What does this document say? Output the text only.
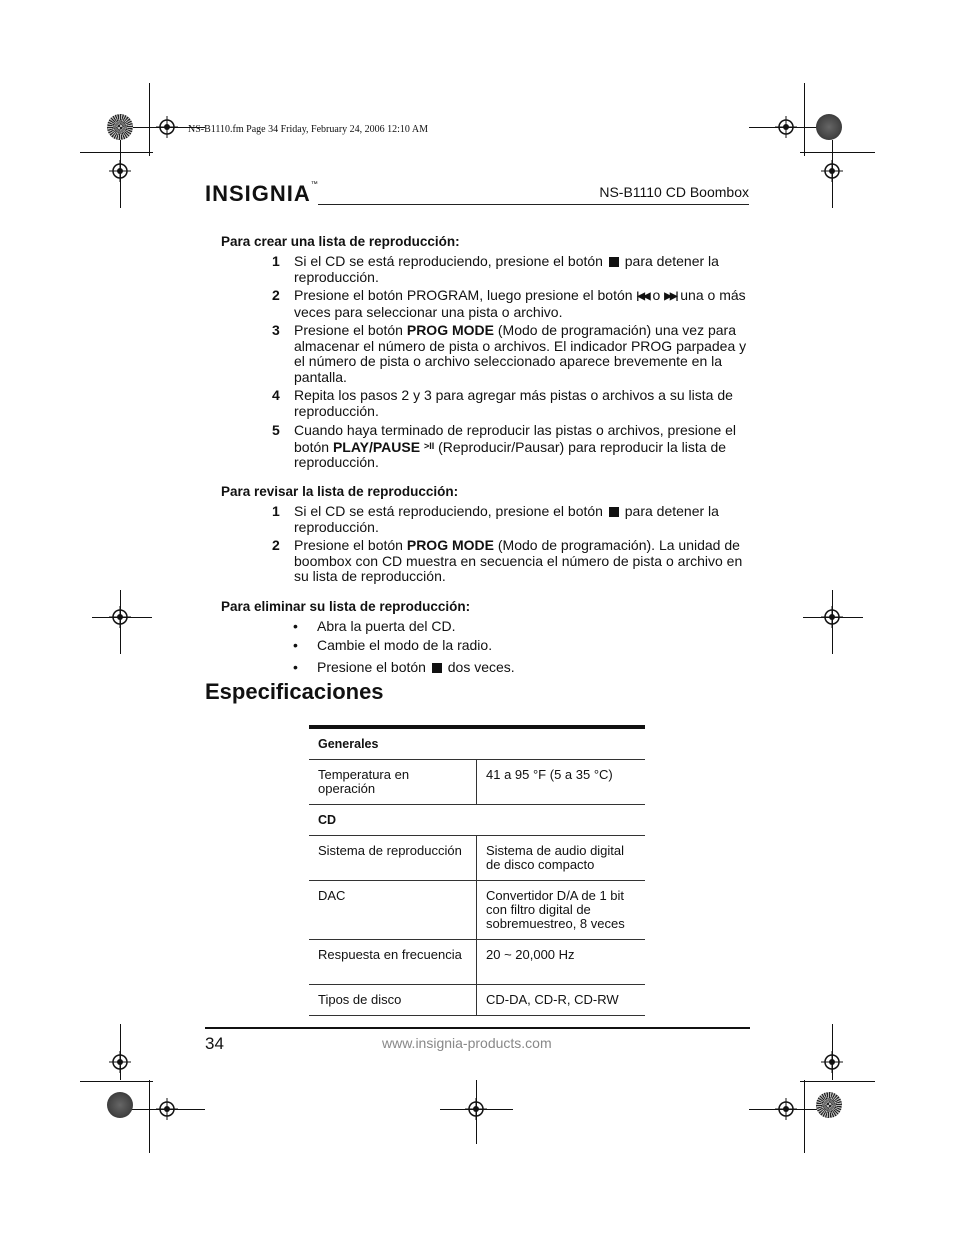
NS-B1110.fm Page 34 Friday, February 24, 2006 12:10 AM
INSIGNIA™	NS-B1110 CD Boombox
Para crear una lista de reproducción:
1 Si el CD se está reproduciendo, presione el botón para detener la reproducción.
2 Presione el botón PROGRAM, luego presione el botón |◀◀ o ▶▶| una o más veces para seleccionar una pista o archivo.
3 Presione el botón PROG MODE (Modo de programación) una vez para almacenar el número de pista o archivos. El indicador PROG parpadea y el número de pista o archivo seleccionado aparece brevemente en la pantalla.
4 Repita los pasos 2 y 3 para agregar más pistas o archivos a su lista de reproducción.
5 Cuando haya terminado de reproducir las pistas o archivos, presione el botón PLAY/PAUSE $^{>II}$ (Reproducir/Pausar) para reproducir la lista de reproducción.
Para revisar la lista de reproducción:
1 Si el CD se está reproduciendo, presione el botón para detener la reproducción.
2 Presione el botón PROG MODE (Modo de programación). La unidad de boombox con CD muestra en secuencia el número de pista o archivo en su lista de reproducción.
Para eliminar su lista de reproducción:
• Abra la puerta del CD.
• Cambie el modo de la radio.
• Presione el botón dos veces.
Especificaciones
Generales	
Temperatura en operación	41 a 95 °F (5 a 35 °C)
CD	
Sistema de reproducción	Sistema de audio digital de disco compacto
DAC	Convertidor D/A de 1 bit con filtro digital de sobremuestreo, 8 veces
Respuesta en frecuencia	20 ~ 20,000 Hz
Tipos de disco	CD-DA, CD-R, CD-RW
34	www.insignia-products.com
